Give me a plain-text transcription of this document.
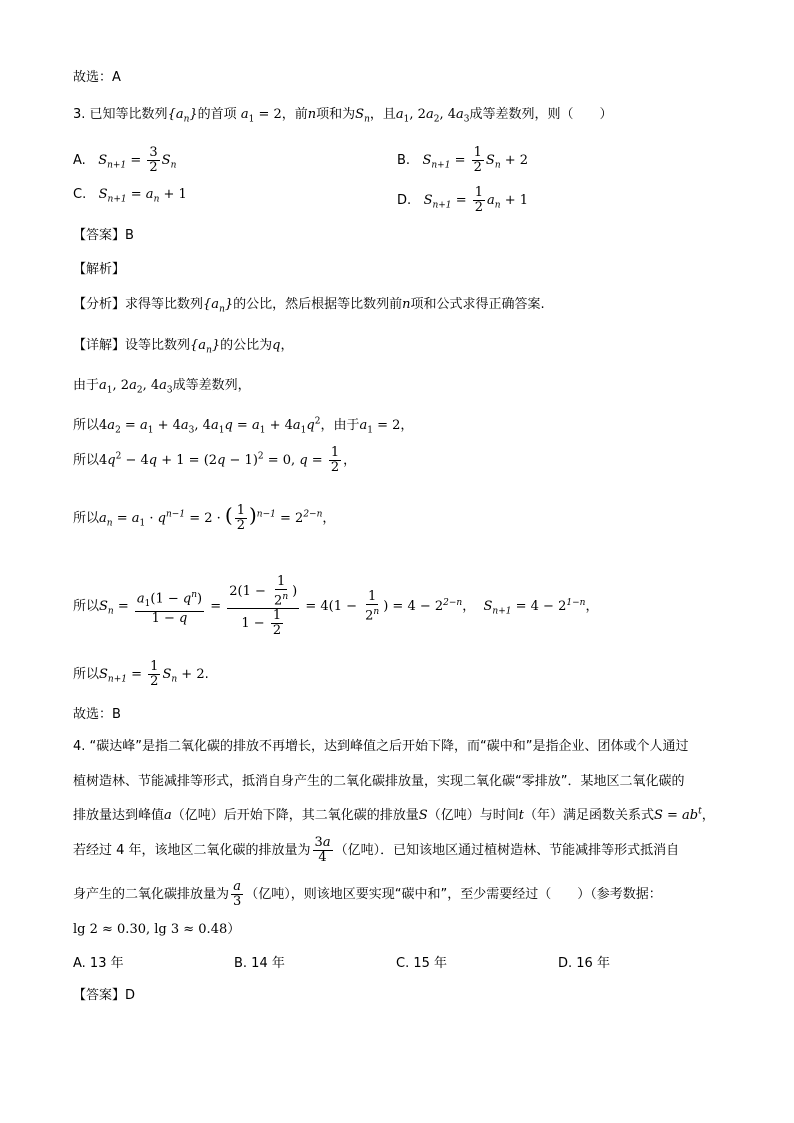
故选：A
3. 已知等比数列$\{a_n\}$的首项 $a_1 = 2$，前n项和为$S_n$，且$a_1$, $2a_2$, $4a_3$成等差数列，则（　　）
A. $S_{n+1} = \frac{3}{2} S_n$	B. $S_{n+1} = \frac{1}{2} S_n + 2$
C. $S_{n+1} = a_n + 1$	D. $S_{n+1} = \frac{1}{2} a_n + 1$
【答案】B
【解析】
【分析】求得等比数列$\{a_n\}$的公比，然后根据等比数列前n项和公式求得正确答案.
【详解】设等比数列$\{a_n\}$的公比为q，
由于$a_1$, $2a_2$, $4a_3$成等差数列，
所以$4a_2 = a_1 + 4a_3$, $4a_1q = a_1 + 4a_1q^2$，由于$a_1 = 2$，
所以$4q^2 - 4q + 1 = (2q - 1)^2 = 0$, $q = \frac{1}{2}$ ，
所以$a_n = a_1 \cdot q^{n-1} = 2$ · ( $\frac{1}{2} )^{n-1} = 2^{2-n}$，
所以$S_n = \frac{a_1(1 - q^n)}{1 - q} = \frac{2(1 - \frac{1}{2^n} )}{1 - \frac{1}{2}} = 4(1 - \frac{1}{2^n}$ ) = $4 - 2^{2-n}$， $S_{n+1} = 4 - 2^{1-n}$，
所以$S_{n+1} = \frac{1}{2} S_n + 2$.
故选：B
4. “碳达峰”是指二氧化碳的排放不再增长，达到峰值之后开始下降，而“碳中和”是指企业、团体或个人通过
植树造林、节能减排等形式，抵消自身产生的二氧化碳排放量，实现二氧化碳“零排放”．某地区二氧化碳的
排放量达到峰值a（亿吨）后开始下降，其二氧化碳的排放量S（亿吨）与时间t（年）满足函数关系式$S = ab^t$，
若经过 4 年，该地区二氧化碳的排放量为 $\frac{3a}{4}$ （亿吨）．已知该地区通过植树造林、节能减排等形式抵消自
身产生的二氧化碳排放量为 $\frac{a}{3}$ （亿吨），则该地区要实现“碳中和”，至少需要经过（　　）（参考数据：
lg 2 ≈ 0.30, lg 3 ≈ 0.48）
A. 13 年	B. 14 年	C. 15 年	D. 16 年
【答案】D
